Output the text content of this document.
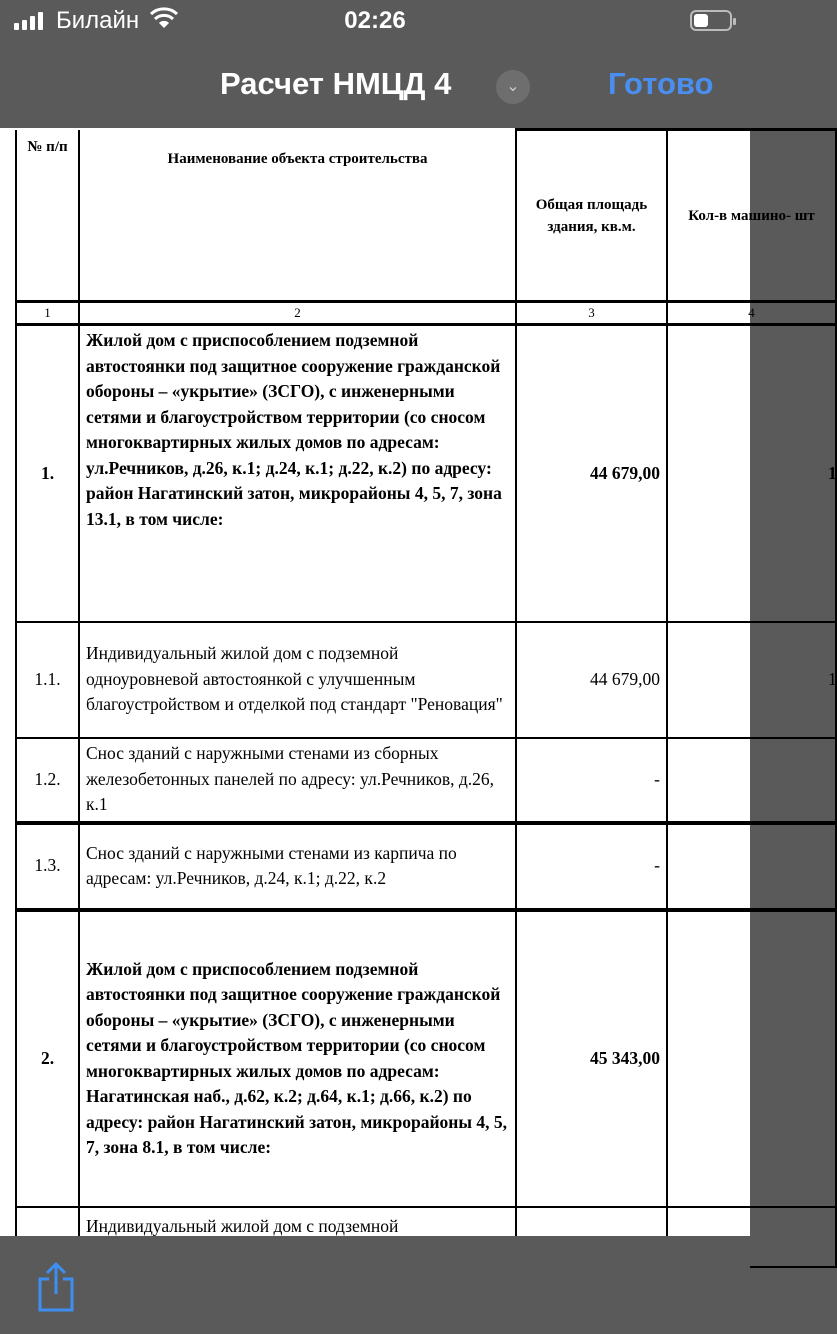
Билайн	02:26
Расчет НМЦД 4	⌄	Готово
№ п/п	Наименование объекта строительства	Общая площадь здания, кв.м.	Кол-в машино- шт
1	2	3	4
1.	Жилой дом с приспособлением подземной автостоянки под защитное сооружение гражданской обороны – «укрытие» (ЗСГО), с инженерными сетями и благоустройством территории (со сносом многоквартирных жилых домов по адресам: ул.Речников, д.26, к.1; д.24, к.1; д.22, к.2) по адресу: район Нагатинский затон, микрорайоны 4, 5, 7, зона 13.1, в том числе:	44 679,00	1
1.1.	Индивидуальный жилой дом с подземной одноуровневой автостоянкой с улучшенным благоустройством и отделкой под стандарт "Реновация"	44 679,00	1
1.2.	Снос зданий с наружными стенами из сборных железобетонных панелей по адресу: ул.Речников, д.26, к.1	-	
1.3.	Снос зданий с наружными стенами из карпича по адресам: ул.Речников, д.24, к.1; д.22, к.2	-	
2.	Жилой дом с приспособлением подземной автостоянки под защитное сооружение гражданской обороны – «укрытие» (ЗСГО), с инженерными сетями и благоустройством территории (со сносом многоквартирных жилых домов по адресам: Нагатинская наб., д.62, к.2; д.64, к.1; д.66, к.2) по адресу: район Нагатинский затон, микрорайоны 4, 5, 7, зона 8.1, в том числе:	45 343,00	
	Индивидуальный жилой дом с подземной		
